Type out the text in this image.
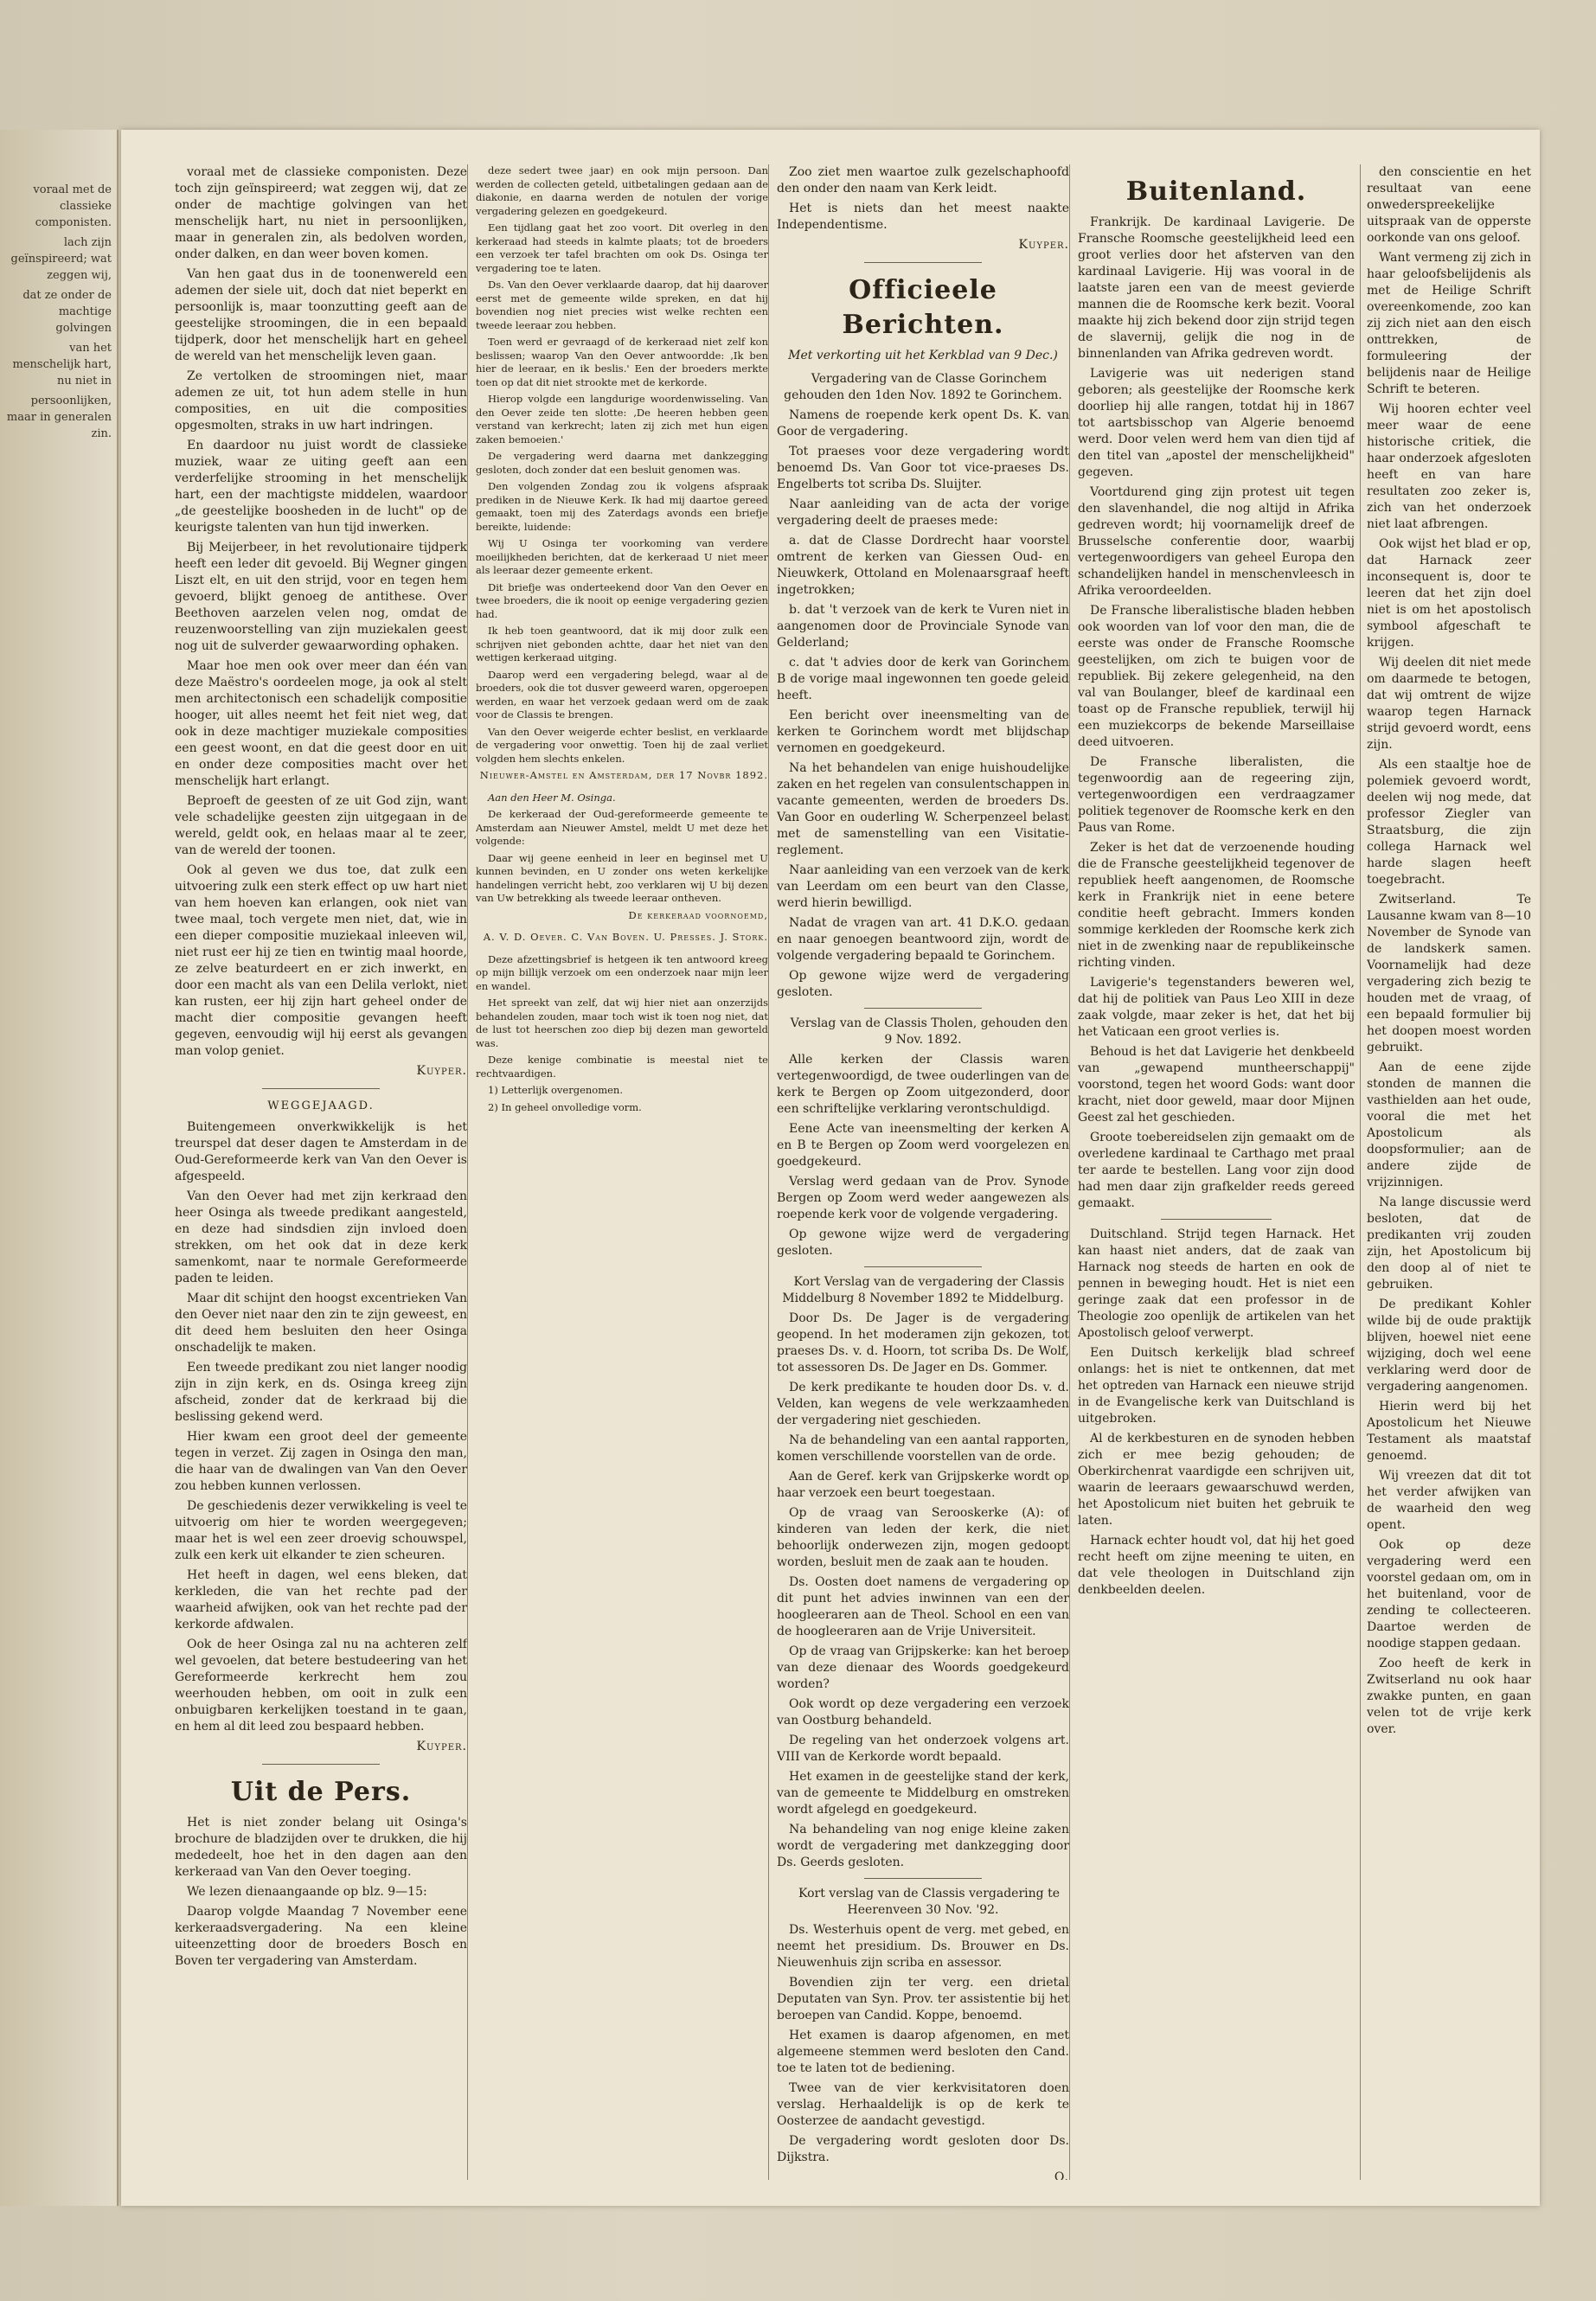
voraal met de classieke componisten.

lach zijn geïnspireerd; wat zeggen wij,

dat ze onder de machtige golvingen

van het menschelijk hart, nu niet in

persoonlijken, maar in generalen zin.

voraal met de classieke componisten. Deze toch zijn geïnspireerd; wat zeggen wij, dat ze onder de machtige golvingen van het menschelijk hart, nu niet in persoonlijken, maar in generalen zin, als bedolven worden, onder dalken, en dan weer boven komen.

Van hen gaat dus in de toonenwereld een ademen der siele uit, doch dat niet beperkt en persoonlijk is, maar toonzutting geeft aan de geestelijke stroomingen, die in een bepaald tijdperk, door het menschelijk hart en geheel de wereld van het menschelijk leven gaan.

Ze vertolken de stroomingen niet, maar ademen ze uit, tot hun adem stelle in hun composities, en uit die composities opgesmolten, straks in uw hart indringen.

En daardoor nu juist wordt de classieke muziek, waar ze uiting geeft aan een verderfelijke strooming in het menschelijk hart, een der machtigste middelen, waardoor „de geestelijke boosheden in de lucht" op de keurigste talenten van hun tijd inwerken.

Bij Meijerbeer, in het revolutionaire tijdperk heeft een leder dit gevoeld. Bij Wegner gingen Liszt elt, en uit den strijd, voor en tegen hem gevoerd, blijkt genoeg de antithese. Over Beethoven aarzelen velen nog, omdat de reuzenwoorstelling van zijn muziekalen geest nog uit de sulverder gewaarwording ophaken.

Maar hoe men ook over meer dan één van deze Maëstro's oordeelen moge, ja ook al stelt men architectonisch een schadelijk compositie hooger, uit alles neemt het feit niet weg, dat ook in deze machtiger muziekale composities een geest woont, en dat die geest door en uit en onder deze composities macht over het menschelijk hart erlangt.

Beproeft de geesten of ze uit God zijn, want vele schadelijke geesten zijn uitgegaan in de wereld, geldt ook, en helaas maar al te zeer, van de wereld der toonen.

Ook al geven we dus toe, dat zulk een uitvoering zulk een sterk effect op uw hart niet van hem hoeven kan erlangen, ook niet van twee maal, toch vergete men niet, dat, wie in een dieper compositie muziekaal inleeven wil, niet rust eer hij ze tien en twintig maal hoorde, ze zelve beaturdeert en er zich inwerkt, en door een macht als van een Delila verlokt, niet kan rusten, eer hij zijn hart geheel onder de macht dier compositie gevangen heeft gegeven, eenvoudig wijl hij eerst als gevangen man volop geniet.

Kuyper.

WEGGEJAAGD.

Buitengemeen onverkwikkelijk is het treurspel dat deser dagen te Amsterdam in de Oud-Gereformeerde kerk van Van den Oever is afgespeeld.

Van den Oever had met zijn kerkraad den heer Osinga als tweede predikant aangesteld, en deze had sindsdien zijn invloed doen strekken, om het ook dat in deze kerk samenkomt, naar te normale Gereformeerde paden te leiden.

Maar dit schijnt den hoogst excentrieken Van den Oever niet naar den zin te zijn geweest, en dit deed hem besluiten den heer Osinga onschadelijk te maken.

Een tweede predikant zou niet langer noodig zijn in zijn kerk, en ds. Osinga kreeg zijn afscheid, zonder dat de kerkraad bij die beslissing gekend werd.

Hier kwam een groot deel der gemeente tegen in verzet. Zij zagen in Osinga den man, die haar van de dwalingen van Van den Oever zou hebben kunnen verlossen.

De geschiedenis dezer verwikkeling is veel te uitvoerig om hier te worden weergegeven; maar het is wel een zeer droevig schouwspel, zulk een kerk uit elkander te zien scheuren.

Het heeft in dagen, wel eens bleken, dat kerkleden, die van het rechte pad der waarheid afwijken, ook van het rechte pad der kerkorde afdwalen.

Ook de heer Osinga zal nu na achteren zelf wel gevoelen, dat betere bestudeering van het Gereformeerde kerkrecht hem zou weerhouden hebben, om ooit in zulk een onbuigbaren kerkelijken toestand in te gaan, en hem al dit leed zou bespaard hebben.

Kuyper.

Uit de Pers.

Het is niet zonder belang uit Osinga's brochure de bladzijden over te drukken, die hij mededeelt, hoe het in den dagen aan den kerkeraad van Van den Oever toeging.

We lezen dienaangaande op blz. 9—15:

Daarop volgde Maandag 7 November eene kerkeraadsvergadering. Na een kleine uiteenzetting door de broeders Bosch en Boven ter vergadering van Amsterdam.

deze sedert twee jaar) en ook mijn persoon. Dan werden de collecten geteld, uitbetalingen gedaan aan de diakonie, en daarna werden de notulen der vorige vergadering gelezen en goedgekeurd.

Een tijdlang gaat het zoo voort. Dit overleg in den kerkeraad had steeds in kalmte plaats; tot de broeders een verzoek ter tafel brachten om ook Ds. Osinga ter vergadering toe te laten.

Ds. Van den Oever verklaarde daarop, dat hij daarover eerst met de gemeente wilde spreken, en dat hij bovendien nog niet precies wist welke rechten een tweede leeraar zou hebben.

Toen werd er gevraagd of de kerkeraad niet zelf kon beslissen; waarop Van den Oever antwoordde: ‚Ik ben hier de leeraar, en ik beslis.' Een der broeders merkte toen op dat dit niet strookte met de kerkorde.

Hierop volgde een langdurige woordenwisseling. Van den Oever zeide ten slotte: ‚De heeren hebben geen verstand van kerkrecht; laten zij zich met hun eigen zaken bemoeien.'

De vergadering werd daarna met dankzegging gesloten, doch zonder dat een besluit genomen was.

Den volgenden Zondag zou ik volgens afspraak prediken in de Nieuwe Kerk. Ik had mij daartoe gereed gemaakt, toen mij des Zaterdags avonds een briefje bereikte, luidende:

Wij U Osinga ter voorkoming van verdere moeilijkheden berichten, dat de kerkeraad U niet meer als leeraar dezer gemeente erkent.

Dit briefje was onderteekend door Van den Oever en twee broeders, die ik nooit op eenige vergadering gezien had.

Ik heb toen geantwoord, dat ik mij door zulk een schrijven niet gebonden achtte, daar het niet van den wettigen kerkeraad uitging.

Daarop werd een vergadering belegd, waar al de broeders, ook die tot dusver geweerd waren, opgeroepen werden, en waar het verzoek gedaan werd om de zaak voor de Classis te brengen.

Van den Oever weigerde echter beslist, en verklaarde de vergadering voor onwettig. Toen hij de zaal verliet volgden hem slechts enkelen.

Nieuwer-Amstel en Amsterdam, der 17 Novbr 1892.

Aan den Heer M. Osinga.

De kerkeraad der Oud-gereformeerde gemeente te Amsterdam aan Nieuwer Amstel, meldt U met deze het volgende:

Daar wij geene eenheid in leer en beginsel met U kunnen bevinden, en U zonder ons weten kerkelijke handelingen verricht hebt, zoo verklaren wij U bij dezen van Uw betrekking als tweede leeraar ontheven.

De kerkeraad voornoemd,

A. V. D. Oever. C. Van Boven. U. Presses. J. Stork.

Deze afzettingsbrief is hetgeen ik ten antwoord kreeg op mijn billijk verzoek om een onderzoek naar mijn leer en wandel.

Het spreekt van zelf, dat wij hier niet aan onzerzijds behandelen zouden, maar toch wist ik toen nog niet, dat de lust tot heerschen zoo diep bij dezen man geworteld was.

Deze kenige combinatie is meestal niet te rechtvaardigen.

1) Letterlijk overgenomen.

2) In geheel onvolledige vorm.

Zoo ziet men waartoe zulk gezelschaphoofd den onder den naam van Kerk leidt.

Het is niets dan het meest naakte Independentisme.

Kuyper.

Officieele Berichten.

Met verkorting uit het Kerkblad van 9 Dec.)

Vergadering van de Classe Gorinchem gehouden den 1den Nov. 1892 te Gorinchem.

Namens de roepende kerk opent Ds. K. van Goor de vergadering.

Tot praeses voor deze vergadering wordt benoemd Ds. Van Goor tot vice-praeses Ds. Engelberts tot scriba Ds. Sluijter.

Naar aanleiding van de acta der vorige vergadering deelt de praeses mede:

a. dat de Classe Dordrecht haar voorstel omtrent de kerken van Giessen Oud- en Nieuwkerk, Ottoland en Molenaarsgraaf heeft ingetrokken;

b. dat 't verzoek van de kerk te Vuren niet in aangenomen door de Provinciale Synode van Gelderland;

c. dat 't advies door de kerk van Gorinchem B de vorige maal ingewonnen ten goede geleid heeft.

Een bericht over ineensmelting van de kerken te Gorinchem wordt met blijdschap vernomen en goedgekeurd.

Na het behandelen van enige huishoudelijke zaken en het regelen van consulentschappen in vacante gemeenten, werden de broeders Ds. Van Goor en ouderling W. Scherpenzeel belast met de samenstelling van een Visitatie-reglement.

Naar aanleiding van een verzoek van de kerk van Leerdam om een beurt van den Classe, werd hierin bewilligd.

Nadat de vragen van art. 41 D.K.O. gedaan en naar genoegen beantwoord zijn, wordt de volgende vergadering bepaald te Gorinchem.

Op gewone wijze werd de vergadering gesloten.

Verslag van de Classis Tholen, gehouden den 9 Nov. 1892.

Alle kerken der Classis waren vertegenwoordigd, de twee ouderlingen van de kerk te Bergen op Zoom uitgezonderd, door een schriftelijke verklaring verontschuldigd.

Eene Acte van ineensmelting der kerken A en B te Bergen op Zoom werd voorgelezen en goedgekeurd.

Verslag werd gedaan van de Prov. Synode Bergen op Zoom werd weder aangewezen als roepende kerk voor de volgende vergadering.

Op gewone wijze werd de vergadering gesloten.

Kort Verslag van de vergadering der Classis Middelburg 8 November 1892 te Middelburg.

Door Ds. De Jager is de vergadering geopend. In het moderamen zijn gekozen, tot praeses Ds. v. d. Hoorn, tot scriba Ds. De Wolf, tot assessoren Ds. De Jager en Ds. Gommer.

De kerk predikante te houden door Ds. v. d. Velden, kan wegens de vele werkzaamheden der vergadering niet geschieden.

Na de behandeling van een aantal rapporten, komen verschillende voorstellen van de orde.

Aan de Geref. kerk van Grijpskerke wordt op haar verzoek een beurt toegestaan.

Op de vraag van Serooskerke (A): of kinderen van leden der kerk, die niet behoorlijk onderwezen zijn, mogen gedoopt worden, besluit men de zaak aan te houden.

Ds. Oosten doet namens de vergadering op dit punt het advies inwinnen van een der hoogleeraren aan de Theol. School en een van de hoogleeraren aan de Vrije Universiteit.

Op de vraag van Grijpskerke: kan het beroep van deze dienaar des Woords goedgekeurd worden?

Ook wordt op deze vergadering een verzoek van Oostburg behandeld.

De regeling van het onderzoek volgens art. VIII van de Kerkorde wordt bepaald.

Het examen in de geestelijke stand der kerk, van de gemeente te Middelburg en omstreken wordt afgelegd en goedgekeurd.

Na behandeling van nog enige kleine zaken wordt de vergadering met dankzegging door Ds. Geerds gesloten.

Kort verslag van de Classis vergadering te Heerenveen 30 Nov. '92.

Ds. Westerhuis opent de verg. met gebed, en neemt het presidium. Ds. Brouwer en Ds. Nieuwenhuis zijn scriba en assessor.

Bovendien zijn ter verg. een drietal Deputaten van Syn. Prov. ter assistentie bij het beroepen van Candid. Koppe, benoemd.

Het examen is daarop afgenomen, en met algemeene stemmen werd besloten den Cand. toe te laten tot de bediening.

Twee van de vier kerkvisitatoren doen verslag. Herhaaldelijk is op de kerk te Oosterzee de aandacht gevestigd.

De vergadering wordt gesloten door Ds. Dijkstra.

O.

Buitenland.

Frankrijk. De kardinaal Lavigerie. De Fransche Roomsche geestelijkheid leed een groot verlies door het afsterven van den kardinaal Lavigerie. Hij was vooral in de laatste jaren een van de meest gevierde mannen die de Roomsche kerk bezit. Vooral maakte hij zich bekend door zijn strijd tegen de slavernij, gelijk die nog in de binnenlanden van Afrika gedreven wordt.

Lavigerie was uit nederigen stand geboren; als geestelijke der Roomsche kerk doorliep hij alle rangen, totdat hij in 1867 tot aartsbisschop van Algerie benoemd werd. Door velen werd hem van dien tijd af den titel van „apostel der menschelijkheid" gegeven.

Voortdurend ging zijn protest uit tegen den slavenhandel, die nog altijd in Afrika gedreven wordt; hij voornamelijk dreef de Brusselsche conferentie door, waarbij vertegenwoordigers van geheel Europa den schandelijken handel in menschenvleesch in Afrika veroordeelden.

De Fransche liberalistische bladen hebben ook woorden van lof voor den man, die de eerste was onder de Fransche Roomsche geestelijken, om zich te buigen voor de republiek. Bij zekere gelegenheid, na den val van Boulanger, bleef de kardinaal een toast op de Fransche republiek, terwijl hij een muziekcorps de bekende Marseillaise deed uitvoeren.

De Fransche liberalisten, die tegenwoordig aan de regeering zijn, vertegenwoordigen een verdraagzamer politiek tegenover de Roomsche kerk en den Paus van Rome.

Zeker is het dat de verzoenende houding die de Fransche geestelijkheid tegenover de republiek heeft aangenomen, de Roomsche kerk in Frankrijk niet in eene betere conditie heeft gebracht. Immers konden sommige kerkleden der Roomsche kerk zich niet in de zwenking naar de republikeinsche richting vinden.

Lavigerie's tegenstanders beweren wel, dat hij de politiek van Paus Leo XIII in deze zaak volgde, maar zeker is het, dat het bij het Vaticaan een groot verlies is.

Behoud is het dat Lavigerie het denkbeeld van „gewapend muntheerschappij" voorstond, tegen het woord Gods: want door kracht, niet door geweld, maar door Mijnen Geest zal het geschieden.

Groote toebereidselen zijn gemaakt om de overledene kardinaal te Carthago met praal ter aarde te bestellen. Lang voor zijn dood had men daar zijn grafkelder reeds gereed gemaakt.

Duitschland. Strijd tegen Harnack. Het kan haast niet anders, dat de zaak van Harnack nog steeds de harten en ook de pennen in beweging houdt. Het is niet een geringe zaak dat een professor in de Theologie zoo openlijk de artikelen van het Apostolisch geloof verwerpt.

Een Duitsch kerkelijk blad schreef onlangs: het is niet te ontkennen, dat met het optreden van Harnack een nieuwe strijd in de Evangelische kerk van Duitschland is uitgebroken.

Al de kerkbesturen en de synoden hebben zich er mee bezig gehouden; de Oberkirchenrat vaardigde een schrijven uit, waarin de leeraars gewaarschuwd werden, het Apostolicum niet buiten het gebruik te laten.

Harnack echter houdt vol, dat hij het goed recht heeft om zijne meening te uiten, en dat vele theologen in Duitschland zijn denkbeelden deelen.

den conscientie en het resultaat van eene onwederspreekelijke uitspraak van de opperste oorkonde van ons geloof.

Want vermeng zij zich in haar geloofsbelijdenis als met de Heilige Schrift overeenkomende, zoo kan zij zich niet aan den eisch onttrekken, de formuleering der belijdenis naar de Heilige Schrift te beteren.

Wij hooren echter veel meer waar de eene historische critiek, die haar onderzoek afgesloten heeft en van hare resultaten zoo zeker is, zich van het onderzoek niet laat afbrengen.

Ook wijst het blad er op, dat Harnack zeer inconsequent is, door te leeren dat het zijn doel niet is om het apostolisch symbool afgeschaft te krijgen.

Wij deelen dit niet mede om daarmede te betogen, dat wij omtrent de wijze waarop tegen Harnack strijd gevoerd wordt, eens zijn.

Als een staaltje hoe de polemiek gevoerd wordt, deelen wij nog mede, dat professor Ziegler van Straatsburg, die zijn collega Harnack wel harde slagen heeft toegebracht.

Zwitserland. Te Lausanne kwam van 8—10 November de Synode van de landskerk samen. Voornamelijk had deze vergadering zich bezig te houden met de vraag, of een bepaald formulier bij het doopen moest worden gebruikt.

Aan de eene zijde stonden de mannen die vasthielden aan het oude, vooral die met het Apostolicum als doopsformulier; aan de andere zijde de vrijzinnigen.

Na lange discussie werd besloten, dat de predikanten vrij zouden zijn, het Apostolicum bij den doop al of niet te gebruiken.

De predikant Kohler wilde bij de oude praktijk blijven, hoewel niet eene wijziging, doch wel eene verklaring werd door de vergadering aangenomen.

Hierin werd bij het Apostolicum het Nieuwe Testament als maatstaf genoemd.

Wij vreezen dat dit tot het verder afwijken van de waarheid den weg opent.

Ook op deze vergadering werd een voorstel gedaan om, om in het buitenland, voor de zending te collecteeren. Daartoe werden de noodige stappen gedaan.

Zoo heeft de kerk in Zwitserland nu ook haar zwakke punten, en gaan velen tot de vrije kerk over.
